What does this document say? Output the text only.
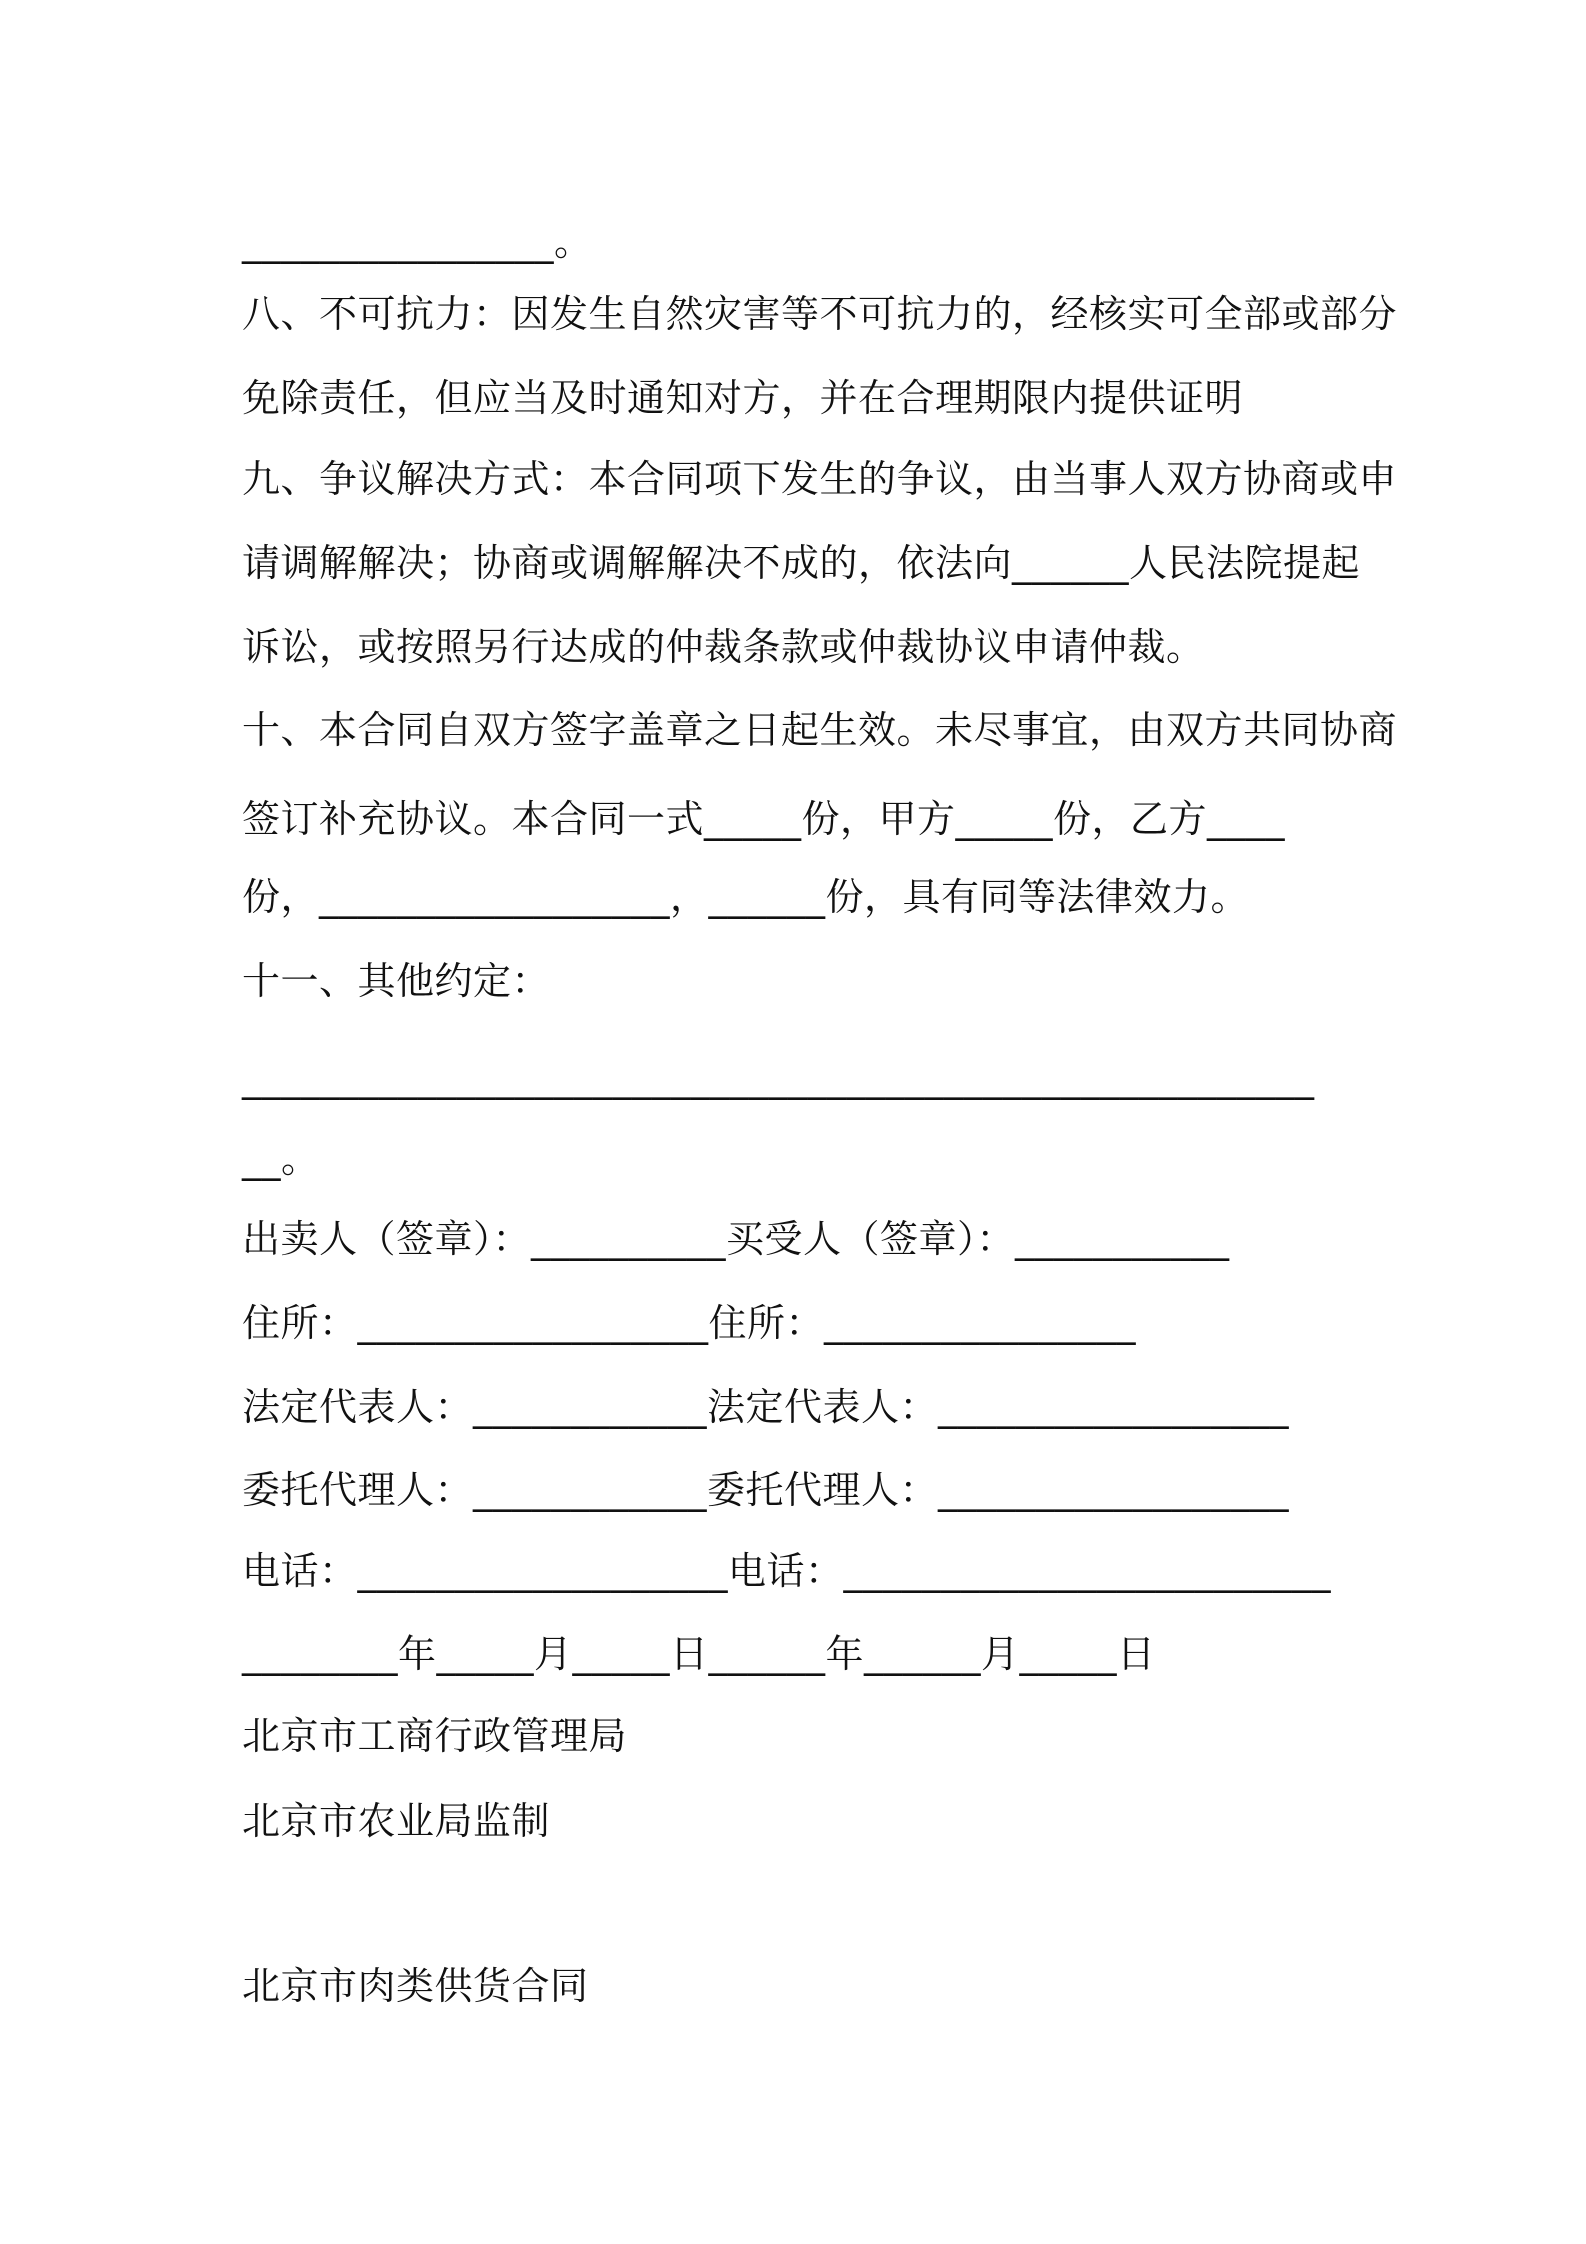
________________。
八、不可抗力：因发生自然灾害等不可抗力的，经核实可全部或部分
免除责任，但应当及时通知对方，并在合理期限内提供证明
九、争议解决方式：本合同项下发生的争议，由当事人双方协商或申
请调解解决；协商或调解解决不成的，依法向______人民法院提起
诉讼，或按照另行达成的仲裁条款或仲裁协议申请仲裁。
十、本合同自双方签字盖章之日起生效。未尽事宜，由双方共同协商
签订补充协议。本合同一式_____份，甲方_____份，乙方____
份，__________________，______份，具有同等法律效力。
十一、其他约定：
_______________________________________________________
__。
出卖人（签章）：__________买受人（签章）：___________
住所：__________________住所：________________
法定代表人：____________法定代表人：__________________
委托代理人：____________委托代理人：__________________
电话：___________________电话：_________________________
________年_____月_____日______年______月_____日
北京市工商行政管理局
北京市农业局监制
北京市肉类供货合同
